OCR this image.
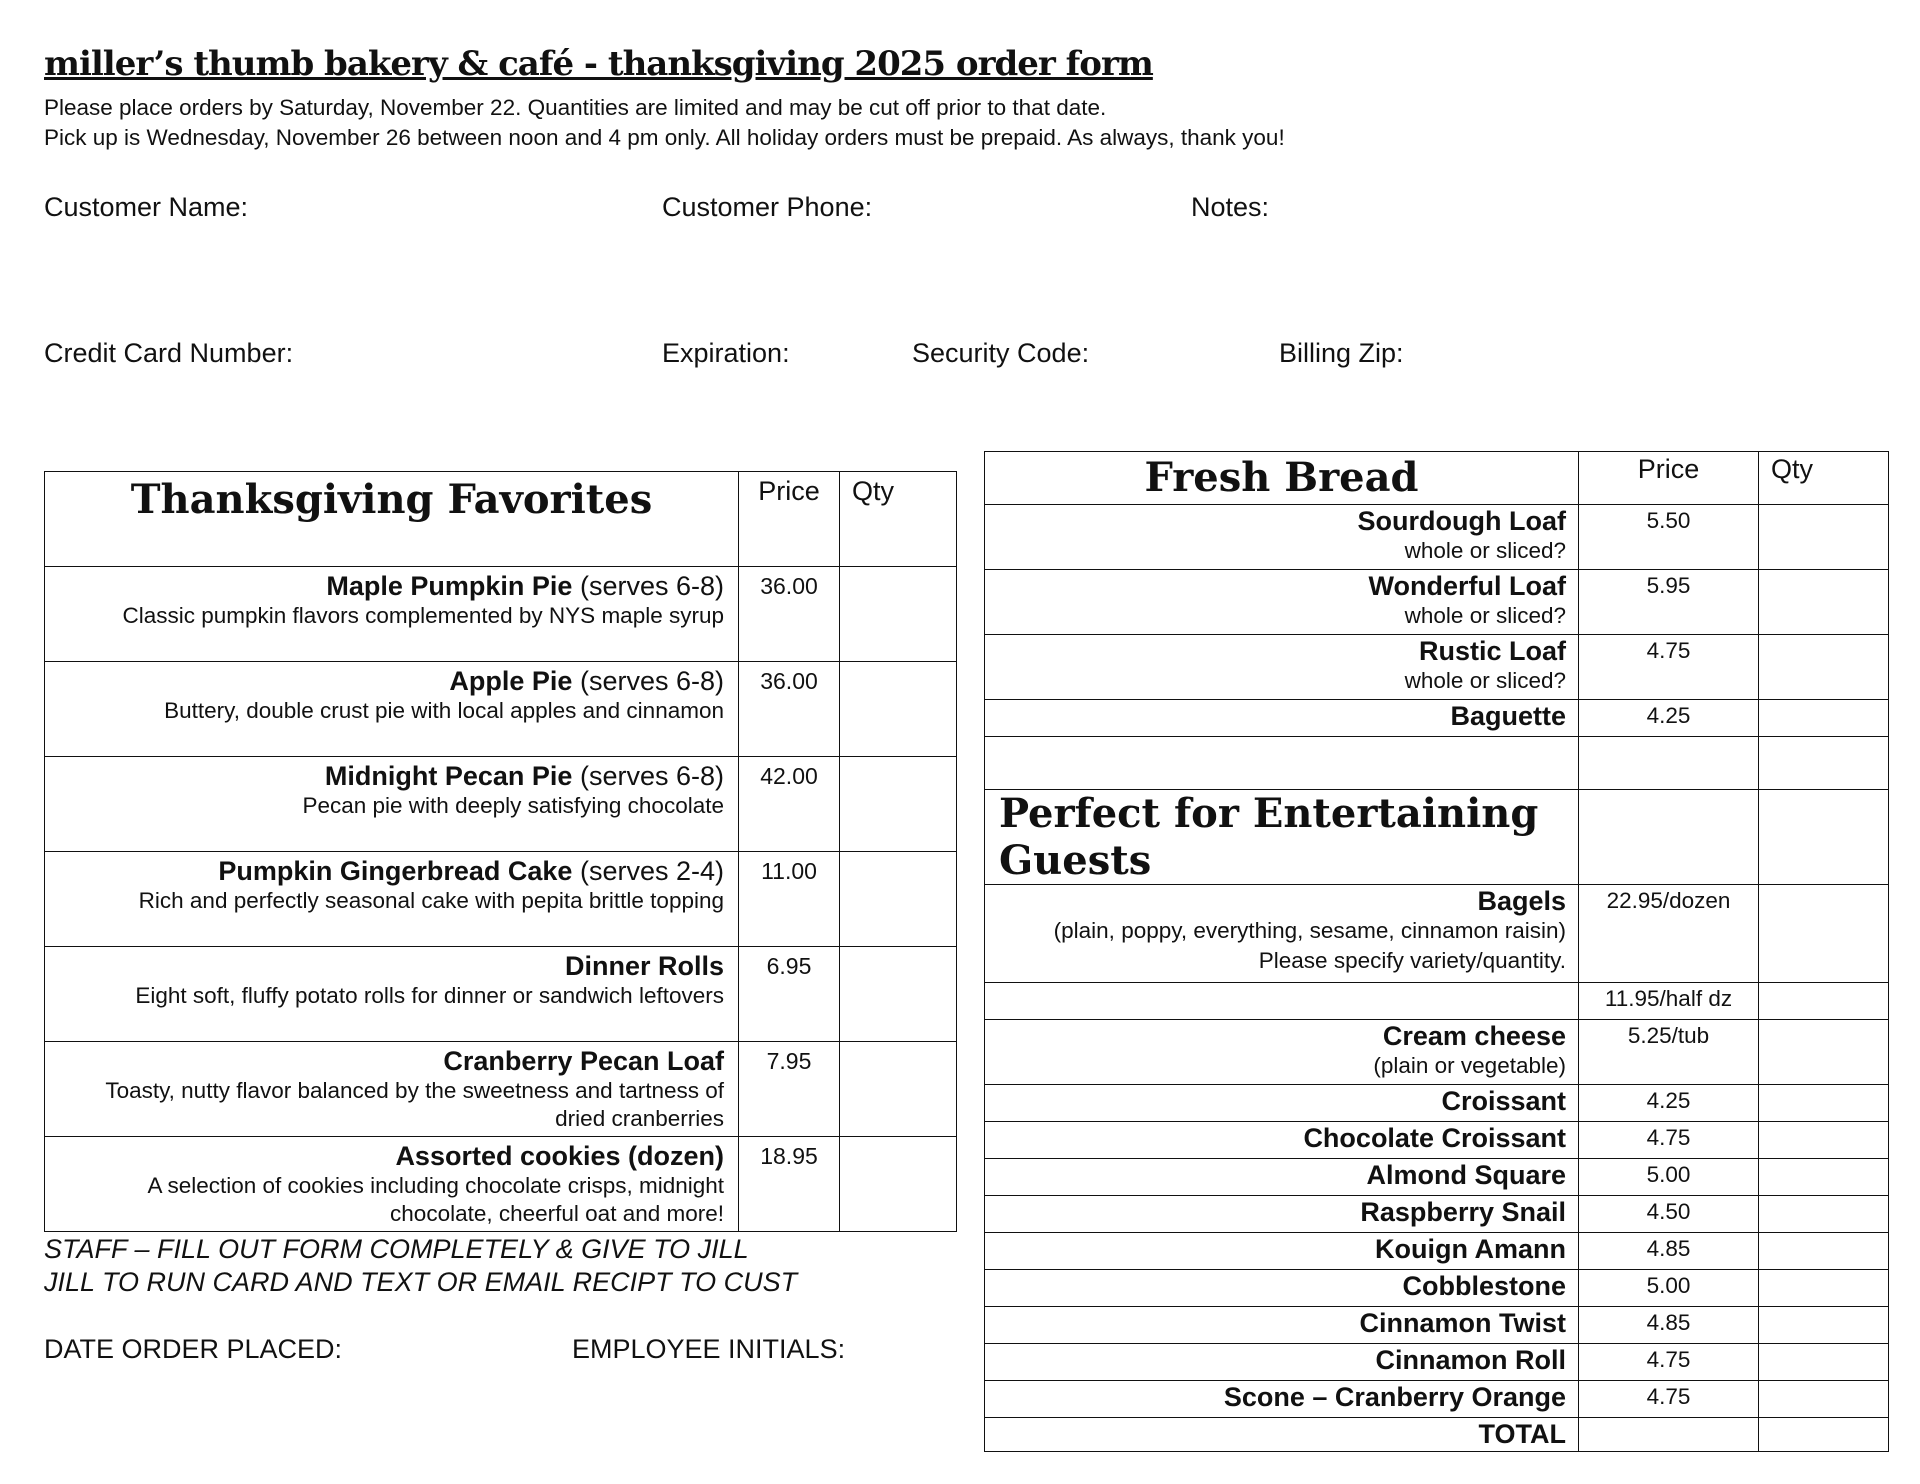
miller’s thumb bakery & café - thanksgiving 2025 order form
Please place orders by Saturday, November 22. Quantities are limited and may be cut off prior to that date.
Pick up is Wednesday, November 26 between noon and 4 pm only. All holiday orders must be prepaid. As always, thank you!
Customer Name:	Customer Phone:	Notes:
Credit Card Number:	Expiration:	Security Code:	Billing Zip:
Thanksgiving Favorites	Price	Qty

Maple Pumpkin Pie (serves 6-8)
Classic pumpkin flavors complemented by NYS maple syrup	36.00	

Apple Pie (serves 6-8)
Buttery, double crust pie with local apples and cinnamon	36.00	

Midnight Pecan Pie (serves 6-8)
Pecan pie with deeply satisfying chocolate	42.00	

Pumpkin Gingerbread Cake (serves 2-4)
Rich and perfectly seasonal cake with pepita brittle topping	11.00	

Dinner Rolls
Eight soft, fluffy potato rolls for dinner or sandwich leftovers	6.95	

Cranberry Pecan Loaf
Toasty, nutty flavor balanced by the sweetness and tartness of dried cranberries	7.95	

Assorted cookies (dozen)
A selection of cookies including chocolate crisps, midnight chocolate, cheerful oat and more!	18.95	
Fresh Bread	Price	Qty

Sourdough Loaf
whole or sliced?	5.50	

Wonderful Loaf
whole or sliced?	5.95	

Rustic Loaf
whole or sliced?	4.75	

Baguette	4.25	

Perfect for Entertaining Guests		

Bagels
(plain, poppy, everything, sesame, cinnamon raisin)
Please specify variety/quantity.	22.95/dozen	
	11.95/half dz	

Cream cheese
(plain or vegetable)	5.25/tub	

Croissant	4.25	

Chocolate Croissant	4.75	

Almond Square	5.00	

Raspberry Snail	4.50	

Kouign Amann	4.85	

Cobblestone	5.00	

Cinnamon Twist	4.85	

Cinnamon Roll	4.75	

Scone – Cranberry Orange	4.75	

TOTAL		

STAFF – FILL OUT FORM COMPLETELY & GIVE TO JILL
JILL TO RUN CARD AND TEXT OR EMAIL RECIPT TO CUST
DATE ORDER PLACED:	EMPLOYEE INITIALS:
